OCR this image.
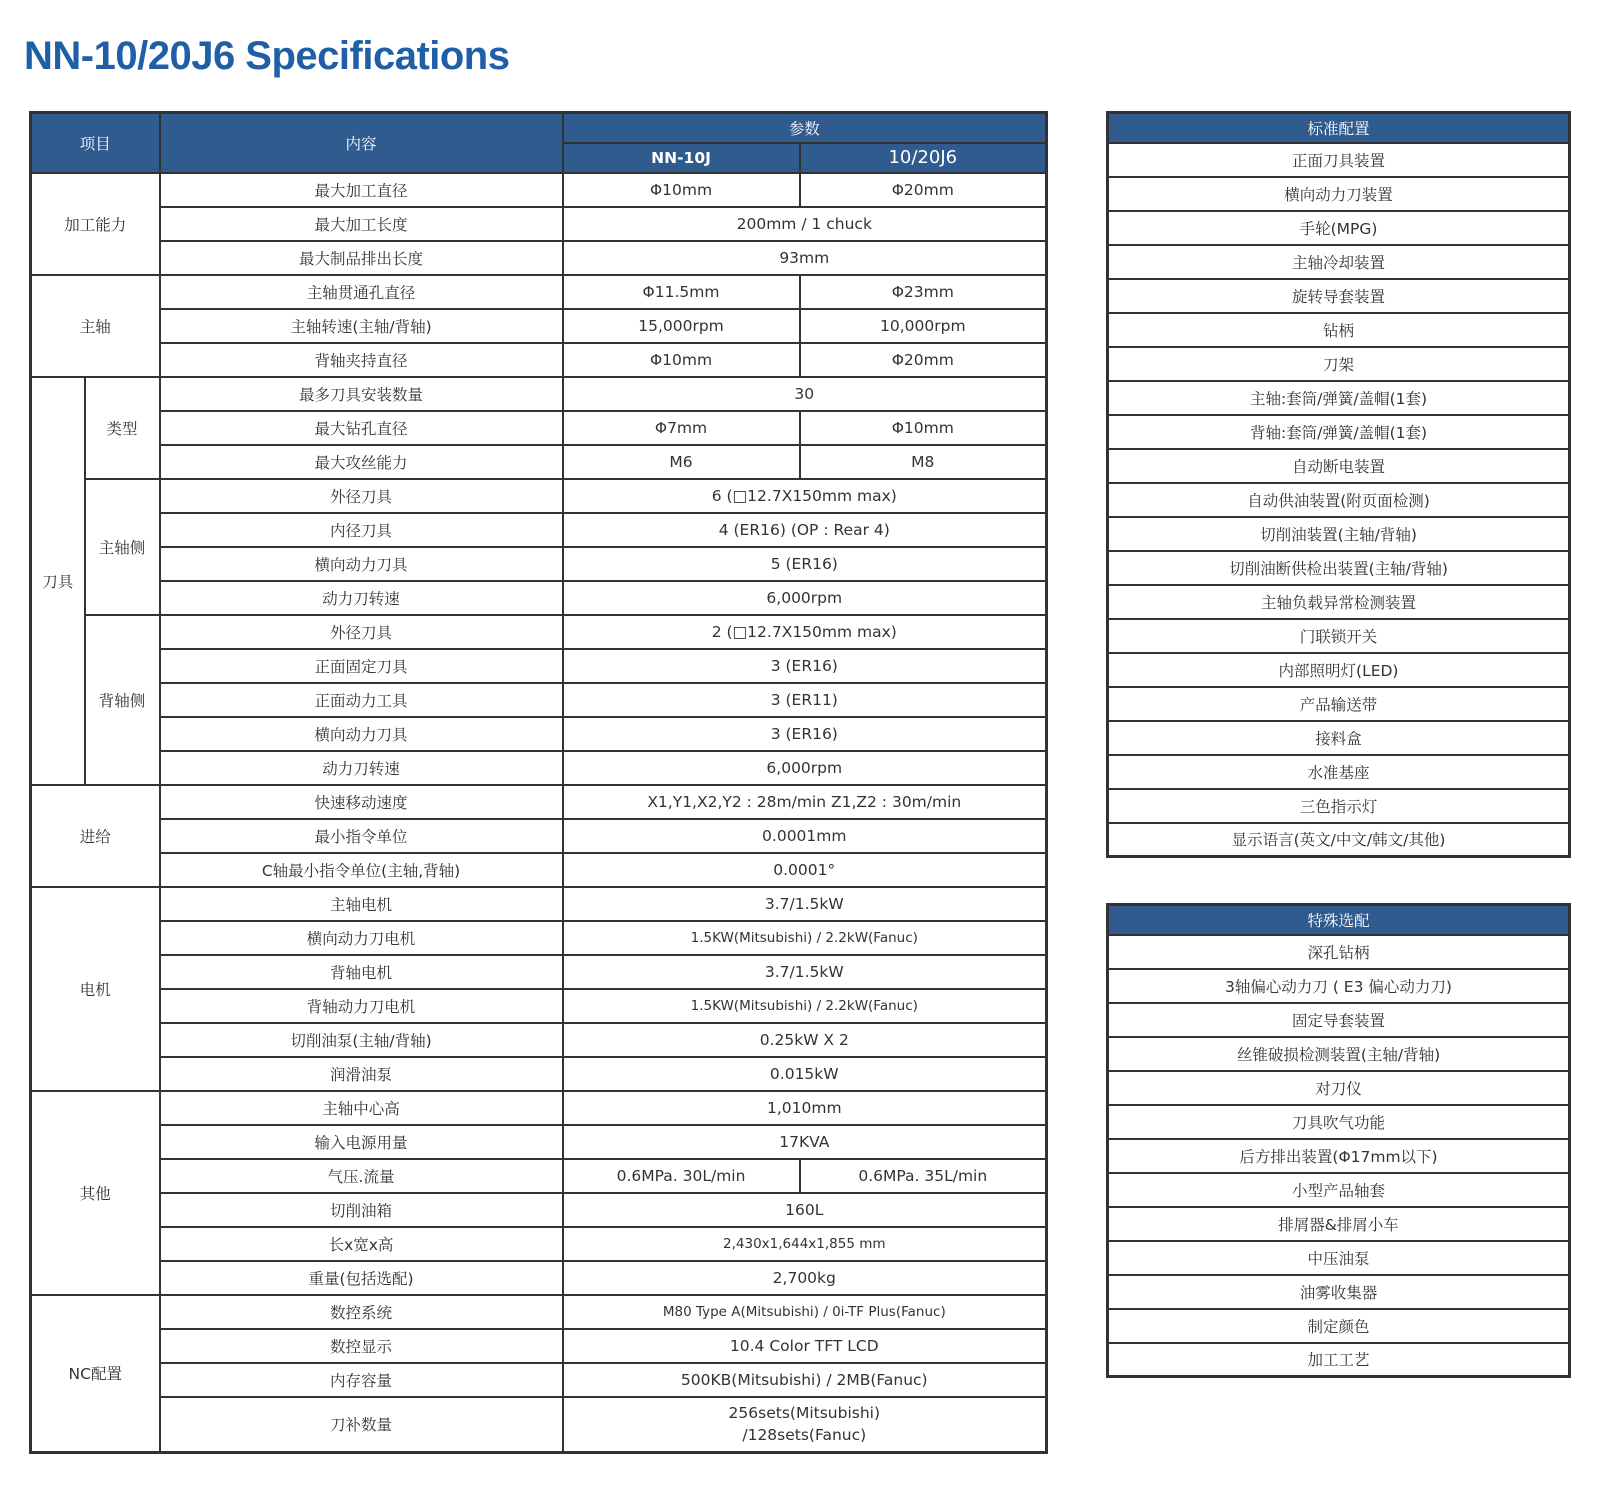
NN-10/20J6 Specifications
项目		内容	参数	
			NN-10J	10/20J6
加工能力		最大加工直径	Φ10mm	Φ20mm
		最大加工长度	200mm / 1 chuck	
		最大制品排出长度	93mm	
主轴		主轴贯通孔直径	Φ11.5mm	Φ23mm
		主轴转速(主轴/背轴)	15,000rpm	10,000rpm
		背轴夹持直径	Φ10mm	Φ20mm
刀具	类型	最多刀具安装数量	30	
		最大钻孔直径	Φ7mm	Φ10mm
		最大攻丝能力	M6	M8
	主轴侧	外径刀具	6 (□12.7X150mm max)	
		内径刀具	4 (ER16) (OP : Rear 4)	
		横向动力刀具	5 (ER16)	
		动力刀转速	6,000rpm	
	背轴侧	外径刀具	2 (□12.7X150mm max)	
		正面固定刀具	3 (ER16)	
		正面动力工具	3 (ER11)	
		横向动力刀具	3 (ER16)	
		动力刀转速	6,000rpm	
进给		快速移动速度	X1,Y1,X2,Y2 : 28m/min Z1,Z2 : 30m/min	
		最小指令单位	0.0001mm	
		C轴最小指令单位(主轴,背轴)	0.0001°	
电机		主轴电机	3.7/1.5kW	
		横向动力刀电机	1.5KW(Mitsubishi) / 2.2kW(Fanuc)	
		背轴电机	3.7/1.5kW	
		背轴动力刀电机	1.5KW(Mitsubishi) / 2.2kW(Fanuc)	
		切削油泵(主轴/背轴)	0.25kW X 2	
		润滑油泵	0.015kW	
其他		主轴中心高	1,010mm	
		输入电源用量	17KVA	
		气压.流量	0.6MPa. 30L/min	0.6MPa. 35L/min
		切削油箱	160L	
		长x宽x高	2,430x1,644x1,855 mm	
		重量(包括选配)	2,700kg	
NC配置		数控系统	M80 Type A(Mitsubishi) / 0i-TF Plus(Fanuc)	
		数控显示	10.4 Color TFT LCD	
		内存容量	500KB(Mitsubishi) / 2MB(Fanuc)	
		刀补数量	256sets(Mitsubishi)
/128sets(Fanuc)	
标准配置
正面刀具装置
横向动力刀装置
手轮(MPG)
主轴冷却装置
旋转导套装置
钻柄
刀架
主轴:套筒/弹簧/盖帽(1套)
背轴:套筒/弹簧/盖帽(1套)
自动断电装置
自动供油装置(附页面检测)
切削油装置(主轴/背轴)
切削油断供检出装置(主轴/背轴)
主轴负载异常检测装置
门联锁开关
内部照明灯(LED)
产品输送带
接料盒
水准基座
三色指示灯
显示语言(英文/中文/韩文/其他)
特殊选配
深孔钻柄
3轴偏心动力刀 ( E3 偏心动力刀)
固定导套装置
丝锥破损检测装置(主轴/背轴)
对刀仪
刀具吹气功能
后方排出装置(Φ17mm以下)
小型产品轴套
排屑器&排屑小车
中压油泵
油雾收集器
制定颜色
加工工艺
